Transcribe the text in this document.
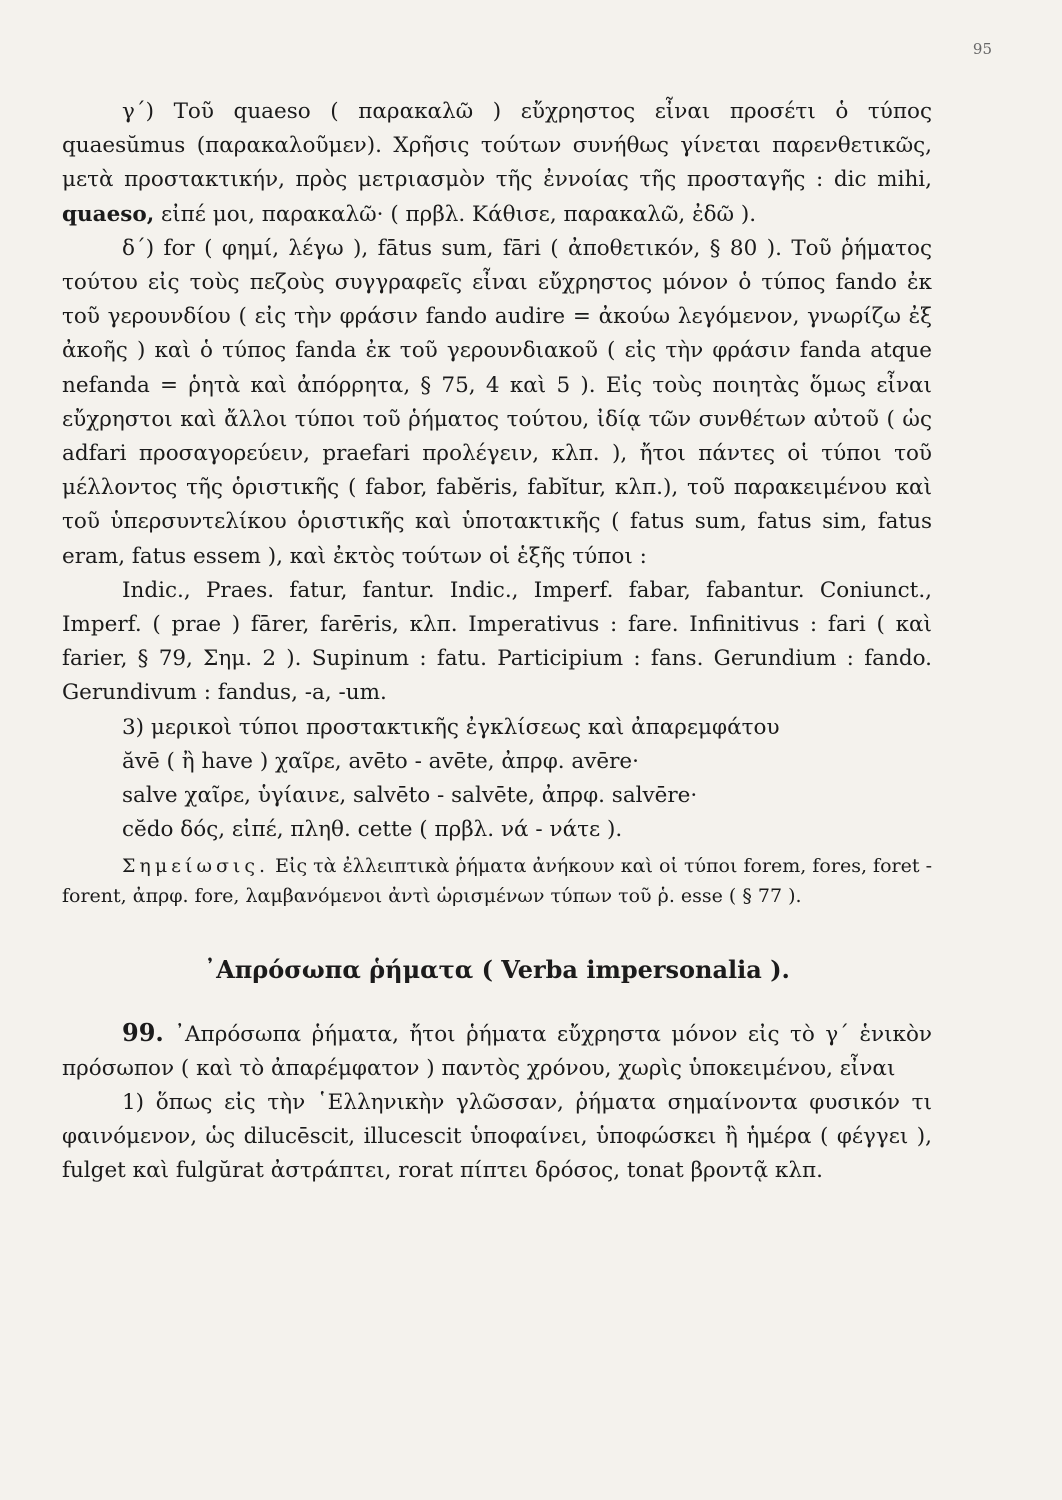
95

γ΄) Τοῦ quaeso ( παρακαλῶ ) εὔχρηστος εἶναι προσέτι ὁ τύπος quaesŭmus (παρακαλοῦμεν). Χρῆσις τούτων συνήθως γίνεται παρενθετικῶς, μετὰ προστακτικήν, πρὸς μετριασμὸν τῆς ἐννοίας τῆς προσταγῆς : dic mihi, quaeso, εἰπέ μοι, παρακαλῶ· ( πρβλ. Κάθισε, παρακαλῶ, ἐδῶ ).

δ΄) for ( φημί, λέγω ), fātus sum, fāri ( ἀποθετικόν, § 80 ). Τοῦ ῥήματος τούτου εἰς τοὺς πεζοὺς συγγραφεῖς εἶναι εὔχρηστος μόνον ὁ τύπος fando ἐκ τοῦ γερουνδίου ( εἰς τὴν φράσιν fando audire = ἀκούω λεγόμενον, γνωρίζω ἐξ ἀκοῆς ) καὶ ὁ τύπος fanda ἐκ τοῦ γερουνδιακοῦ ( εἰς τὴν φράσιν fanda atque nefanda = ῥητὰ καὶ ἀπόρρητα, § 75, 4 καὶ 5 ). Εἰς τοὺς ποιητὰς ὅμως εἶναι εὔχρηστοι καὶ ἄλλοι τύποι τοῦ ῥήματος τούτου, ἰδίᾳ τῶν συνθέτων αὐτοῦ ( ὡς adfari προσαγορεύειν, praefari προλέγειν, κλπ. ), ἤτοι πάντες οἱ τύποι τοῦ μέλλοντος τῆς ὁριστικῆς ( fabor, fabĕris, fabĭtur, κλπ.), τοῦ παρακειμένου καὶ τοῦ ὑπερσυντελίκου ὁριστικῆς καὶ ὑποτακτικῆς ( fatus sum, fatus sim, fatus eram, fatus essem ), καὶ ἐκτὸς τούτων οἱ ἑξῆς τύποι :

Indic., Praes. fatur, fantur. Indic., Imperf. fabar, fabantur. Coniunct., Imperf. ( prae ) fārer, farēris, κλπ. Imperativus : fare. Infinitivus : fari ( καὶ farier, § 79, Σημ. 2 ). Supinum : fatu. Participium : fans. Gerundium : fando. Gerundivum : fandus, -a, -um.

3) μερικοὶ τύποι προστακτικῆς ἐγκλίσεως καὶ ἀπαρεμφάτου

ăvē ( ἢ have ) χαῖρε, avēto - avēte, ἀπρφ. avēre·

salve χαῖρε, ὑγίαινε, salvēto - salvēte, ἀπρφ. salvēre·

cĕdo δός, εἰπέ, πληθ. cette ( πρβλ. νά - νάτε ).

Σημείωσις. Εἰς τὰ ἐλλειπτικὰ ῥήματα ἀνήκουν καὶ οἱ τύποι forem, fores, foret - forent, ἀπρφ. fore, λαμβανόμενοι ἀντὶ ὡρισμένων τύπων τοῦ ῥ. esse ( § 77 ).

᾿Απρόσωπα ῥήματα ( Verba impersonalia ).

99. ᾿Απρόσωπα ῥήματα, ἤτοι ῥήματα εὔχρηστα μόνον εἰς τὸ γ΄ ἑνικὸν πρόσωπον ( καὶ τὸ ἀπαρέμφατον ) παντὸς χρόνου, χωρὶς ὑποκειμένου, εἶναι

1) ὅπως εἰς τὴν ῾Ελληνικὴν γλῶσσαν, ῥήματα σημαίνοντα φυσικόν τι φαινόμενον, ὡς dilucēscit, illucescit ὑποφαίνει, ὑποφώσκει ἢ ἡμέρα ( φέγγει ), fulget καὶ fulgŭrat ἀστράπτει, rorat πίπτει δρόσος, tonat βροντᾷ κλπ.
